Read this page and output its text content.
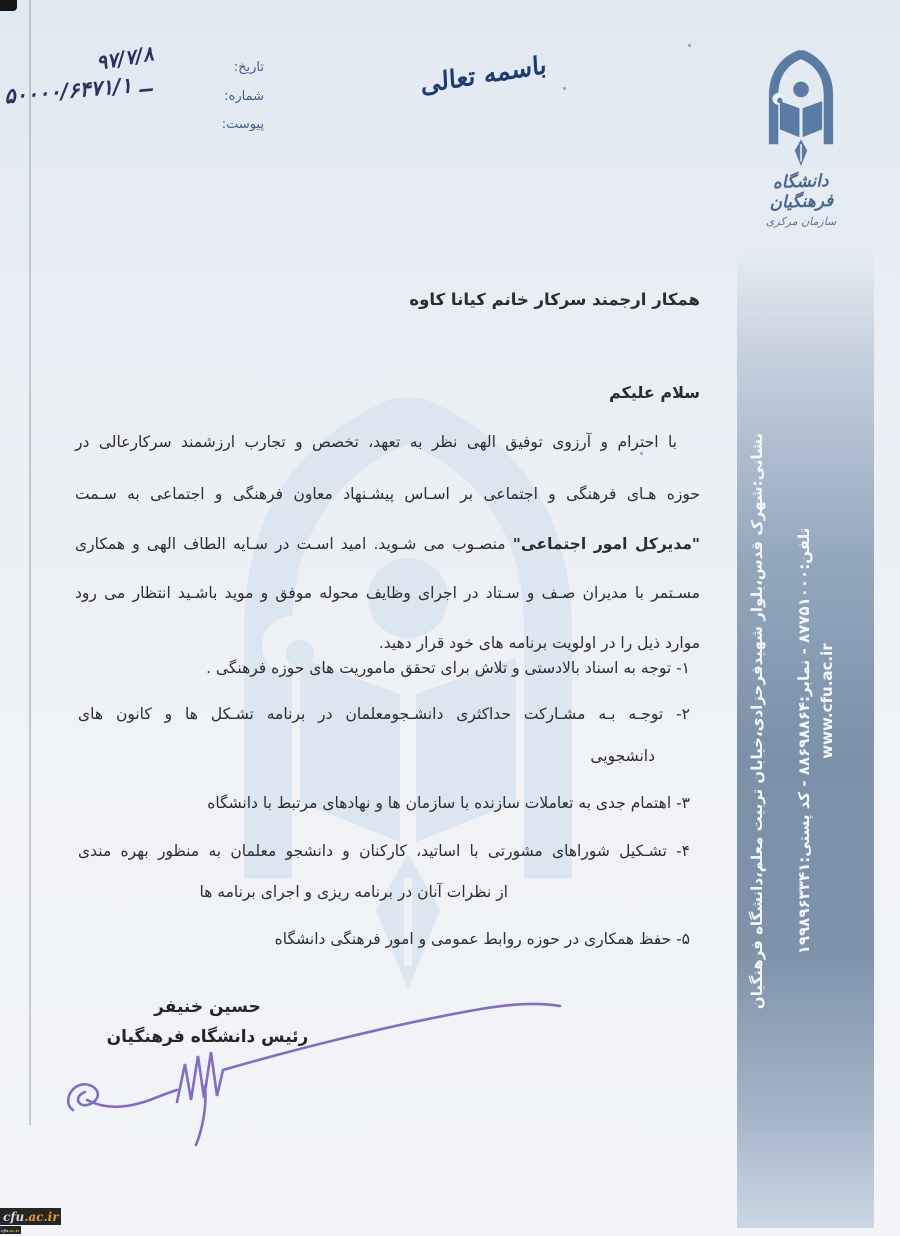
تاریخ:
شماره:
پیوست:
۹۷/۷/۸
۵۰۰۰۰/۶۴۷۱/۱ ــ	باسمه تعالی
دانشگاه فرهنگیان
سازمان مرکزی
نشانی:شهرک قدس،بلوار شهیدفرحزادی،خیابان تربیت معلم،دانشگاه فرهنگیان تلفن:۸۷۷۵۱۰۰۰ - نمابر:۸۸۶۹۸۸۶۴ - کد پستی:۱۹۹۸۹۶۳۳۴۱
www.cfu.ac.ir
همکار ارجمند سرکار خانم کیانا کاوه
سلام علیکم
با احترام و آرزوی توفیق الهی نظر به تعهد، تخصص و تجارب ارزشمند سرکارعالی در
حوزه هـای فرهنگی و اجتماعی بر اسـاس پیشـنهاد معاون فرهنگی و اجتماعی به سـمت
"مدیرکل امور اجتماعی" منصـوب می شـوید. امید اسـت در سـایه الطاف الهی و همکاری
مسـتمر با مدیران صـف و سـتاد در اجرای وظایف محوله موفق و موید باشـید انتظار می رود
موارد ذیل را در اولویت برنامه های خود قرار دهید.
۱- توجه به اسناد بالادستی و تلاش برای تحقق ماموریت های حوزه فرهنگی .
۲- توجـه بـه مشـارکت حداکثری دانشـجومعلمان در برنامه تشـکل ها و کانون های
دانشجویی
۳- اهتمام جدی به تعاملات سازنده با سازمان ها و نهادهای مرتبط با دانشگاه
۴- تشـکیل شوراهای مشورتی با اساتید، کارکنان و دانشجو معلمان به منظور بهره مندی
از نظرات آنان در برنامه ریزی و اجرای برنامه ها
۵- حفظ همکاری در حوزه روابط عمومی و امور فرهنگی دانشگاه
حسین خنیفر
رئیس دانشگاه فرهنگیان
cfu .ac.ir
cfu .ac.ir
